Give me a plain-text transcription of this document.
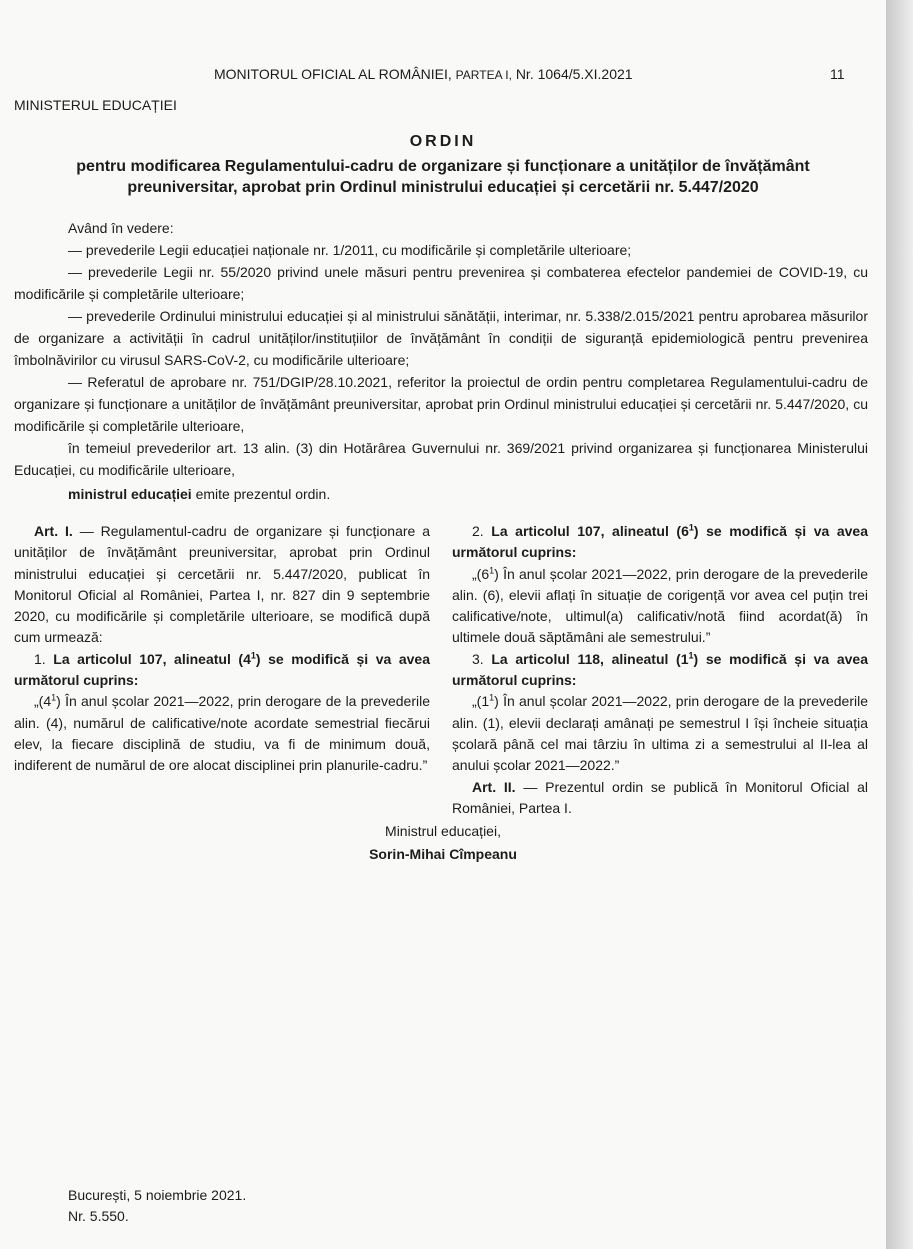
MONITORUL OFICIAL AL ROMÂNIEI, PARTEA I, Nr. 1064/5.XI.2021	11
MINISTERUL EDUCAȚIEI
ORDIN
pentru modificarea Regulamentului-cadru de organizare și funcționare a unităților de învățământ
preuniversitar, aprobat prin Ordinul ministrului educației și cercetării nr. 5.447/2020

Având în vedere:

— prevederile Legii educației naționale nr. 1/2011, cu modificările și completările ulterioare;

— prevederile Legii nr. 55/2020 privind unele măsuri pentru prevenirea și combaterea efectelor pandemiei de COVID-19, cu modificările și completările ulterioare;

— prevederile Ordinului ministrului educației și al ministrului sănătății, interimar, nr. 5.338/2.015/2021 pentru aprobarea măsurilor de organizare a activității în cadrul unităților/instituțiilor de învățământ în condiții de siguranță epidemiologică pentru prevenirea îmbolnăvirilor cu virusul SARS-CoV-2, cu modificările ulterioare;

— Referatul de aprobare nr. 751/DGIP/28.10.2021, referitor la proiectul de ordin pentru completarea Regulamentului-cadru de organizare și funcționare a unităților de învățământ preuniversitar, aprobat prin Ordinul ministrului educației și cercetării nr. 5.447/2020, cu modificările și completările ulterioare,

în temeiul prevederilor art. 13 alin. (3) din Hotărârea Guvernului nr. 369/2021 privind organizarea și funcționarea Ministerului Educației, cu modificările ulterioare,

ministrul educației emite prezentul ordin.

Art. I. — Regulamentul-cadru de organizare și funcționare a unităților de învățământ preuniversitar, aprobat prin Ordinul ministrului educației și cercetării nr. 5.447/2020, publicat în Monitorul Oficial al României, Partea I, nr. 827 din 9 septembrie 2020, cu modificările și completările ulterioare, se modifică după cum urmează:

1. La articolul 107, alineatul $(4^1)$ se modifică și va avea următorul cuprins:

$„(4^1)$ În anul școlar 2021—2022, prin derogare de la prevederile alin. (4), numărul de calificative/note acordate semestrial fiecărui elev, la fiecare disciplină de studiu, va fi de minimum două, indiferent de numărul de ore alocat disciplinei prin planurile-cadru.”

2. La articolul 107, alineatul $(6^1)$ se modifică și va avea următorul cuprins:

$„(6^1)$ În anul școlar 2021—2022, prin derogare de la prevederile alin. (6), elevii aflați în situație de corigență vor avea cel puțin trei calificative/note, ultimul(a) calificativ/notă fiind acordat(ă) în ultimele două săptămâni ale semestrului.”

3. La articolul 118, alineatul $(1^1)$ se modifică și va avea următorul cuprins:

$„(1^1)$ În anul școlar 2021—2022, prin derogare de la prevederile alin. (1), elevii declarați amânați pe semestrul I își încheie situația școlară până cel mai târziu în ultima zi a semestrului al II-lea al anului școlar 2021—2022.”

Art. II. — Prezentul ordin se publică în Monitorul Oficial al României, Partea I.

Ministrul educației,
Sorin-Mihai Cîmpeanu
București, 5 noiembrie 2021.
Nr. 5.550.
